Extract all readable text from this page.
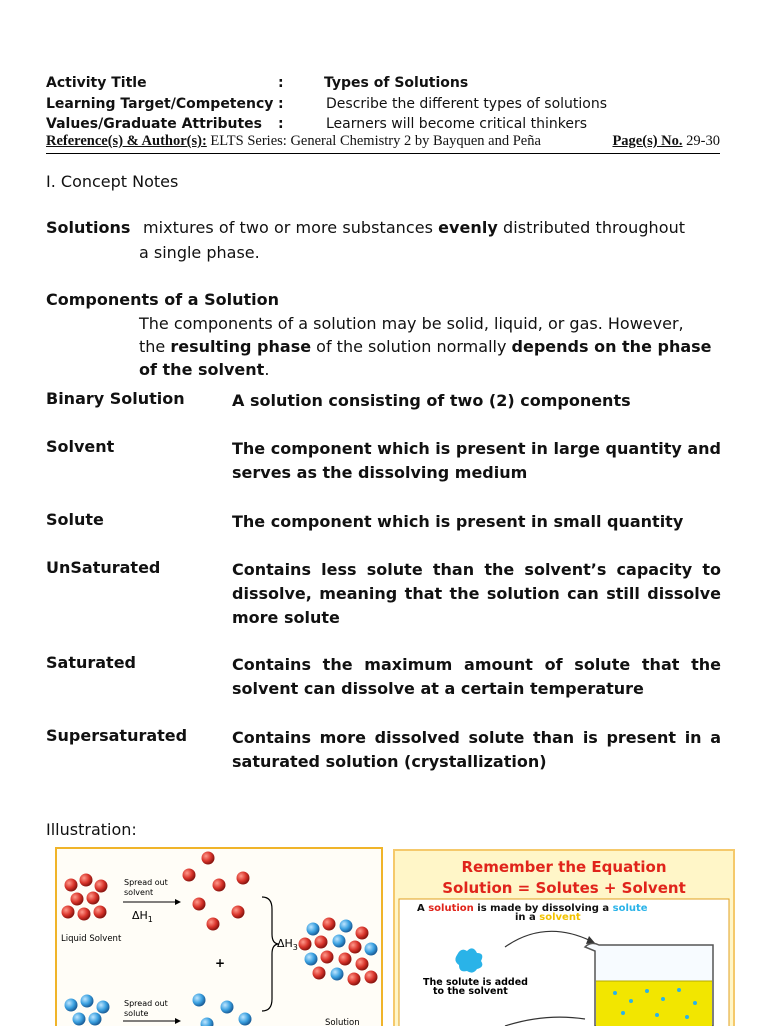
Activity Title	:	Types of Solutions
Learning Target/Competency :	Describe the different types of solutions
Values/Graduate Attributes :	Learners will become critical thinkers
Reference(s) & Author(s): ELTS Series: General Chemistry 2 by Bayquen and Peña	Page(s) No. 29-30
I. Concept Notes
Solutions mixtures of two or more substances evenly distributed throughout
a single phase.
Components of a Solution
The components of a solution may be solid, liquid, or gas. However,
the resulting phase of the solution normally depends on the phase
of the solvent.
Binary Solution	A solution consisting of two (2) components
Solvent	The component which is present in large quantity and serves as the dissolving medium
Solute	The component which is present in small quantity
UnSaturated	Contains less solute than the solvent’s capacity to dissolve, meaning that the solution can still dissolve more solute
Saturated	Contains the maximum amount of solute that the solvent can dissolve at a certain temperature
Supersaturated	Contains more dissolved solute than is present in a saturated solution (crystallization)
Illustration:
Liquid Solvent
Spread out
solvent
$\Delta H_1$
+
$\Delta H_3$
Solution
Spread out
solute
Remember the Equation
Solution = Solutes + Solvent
A solution is made by dissolving a solute
in a solvent
The solute is added
to the solvent
